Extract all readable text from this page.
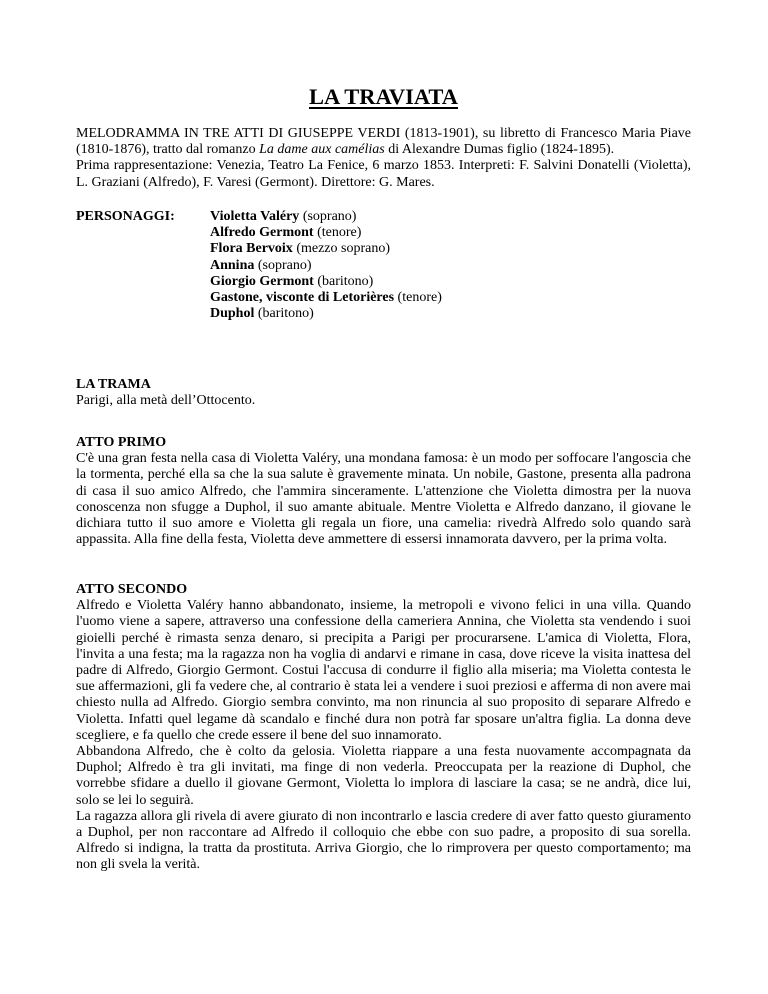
LA TRAVIATA

MELODRAMMA IN TRE ATTI DI GIUSEPPE VERDI (1813-1901), su libretto di Francesco Maria Piave (1810-1876), tratto dal romanzo La dame aux camélias di Alexandre Dumas figlio (1824-1895).

Prima rappresentazione: Venezia, Teatro La Fenice, 6 marzo 1853. Interpreti: F. Salvini Donatelli (Violetta), L. Graziani (Alfredo), F. Varesi (Germont). Direttore: G. Mares.

PERSONAGGI:	Violetta Valéry (soprano)
Alfredo Germont (tenore)
Flora Bervoix (mezzo soprano)
Annina (soprano)
Giorgio Germont (baritono)
Gastone, visconte di Letorières (tenore)
Duphol (baritono)
LA TRAMA

Parigi, alla metà dell’Ottocento.

ATTO PRIMO

C'è una gran festa nella casa di Violetta Valéry, una mondana famosa: è un modo per soffocare l'angoscia che la tormenta, perché ella sa che la sua salute è gravemente minata. Un nobile, Gastone, presenta alla padrona di casa il suo amico Alfredo, che l'ammira sinceramente. L'attenzione che Violetta dimostra per la nuova conoscenza non sfugge a Duphol, il suo amante abituale. Mentre Violetta e Alfredo danzano, il giovane le dichiara tutto il suo amore e Violetta gli regala un fiore, una camelia: rivedrà Alfredo solo quando sarà appassita. Alla fine della festa, Violetta deve ammettere di essersi innamorata davvero, per la prima volta.

ATTO SECONDO

Alfredo e Violetta Valéry hanno abbandonato, insieme, la metropoli e vivono felici in una villa. Quando l'uomo viene a sapere, attraverso una confessione della cameriera Annina, che Violetta sta vendendo i suoi gioielli perché è rimasta senza denaro, si precipita a Parigi per procurarsene. L'amica di Violetta, Flora, l'invita a una festa; ma la ragazza non ha voglia di andarvi e rimane in casa, dove riceve la visita inattesa del padre di Alfredo, Giorgio Germont. Costui l'accusa di condurre il figlio alla miseria; ma Violetta contesta le sue affermazioni, gli fa vedere che, al contrario è stata lei a vendere i suoi preziosi e afferma di non avere mai chiesto nulla ad Alfredo. Giorgio sembra convinto, ma non rinuncia al suo proposito di separare Alfredo e Violetta. Infatti quel legame dà scandalo e finché dura non potrà far sposare un'altra figlia. La donna deve scegliere, e fa quello che crede essere il bene del suo innamorato.

Abbandona Alfredo, che è colto da gelosia. Violetta riappare a una festa nuovamente accompagnata da Duphol; Alfredo è tra gli invitati, ma finge di non vederla. Preoccupata per la reazione di Duphol, che vorrebbe sfidare a duello il giovane Germont, Violetta lo implora di lasciare la casa; se ne andrà, dice lui, solo se lei lo seguirà.

La ragazza allora gli rivela di avere giurato di non incontrarlo e lascia credere di aver fatto questo giuramento a Duphol, per non raccontare ad Alfredo il colloquio che ebbe con suo padre, a proposito di sua sorella. Alfredo si indigna, la tratta da prostituta. Arriva Giorgio, che lo rimprovera per questo comportamento; ma non gli svela la verità.
